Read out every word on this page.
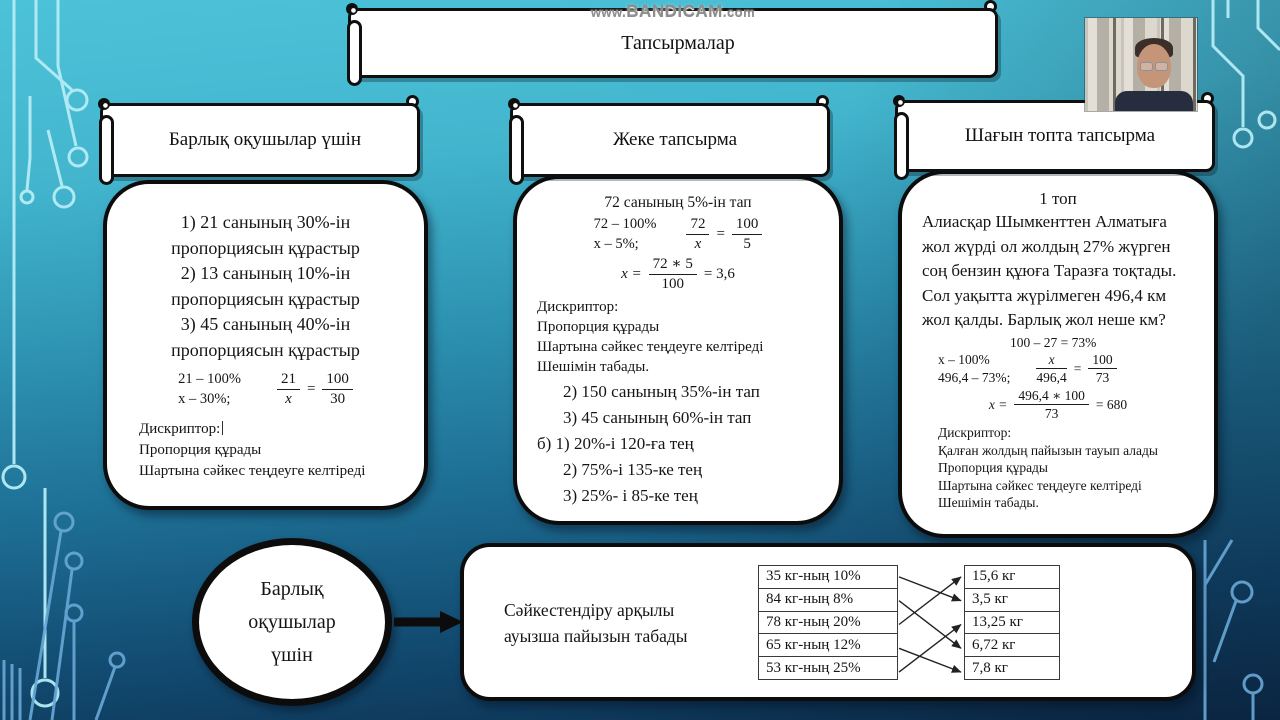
www.BANDICAM.com
Тапсырмалар
Барлық оқушылар үшін	Жеке тапсырма	Шағын топта тапсырма
1) 21 санының 30%-ін
пропорциясын құрастыр
2) 13 санының 10%-ін
пропорциясын құрастыр
3) 45 санының 40%-ін
пропорциясын құрастыр
21 – 100%
x – 30%;	$\frac{21}{x} = \frac{100}{30}$
Дискриптор:
Пропорция құрады
Шартына сәйкес теңдеуге келтіреді
72 санының 5%-ін тап
72 – 100%
x – 5%;	$\frac{72}{x} = \frac{100}{5}$
$x = \frac{72 ∗ 5}{100} = 3,6$
Дискриптор:
Пропорция құрады
Шартына сәйкес теңдеуге келтіреді
Шешімін табады.
2) 150 санының 35%-ін тап
3) 45 санының 60%-ін тап
б) 1) 20%-і 120-ға тең
2) 75%-і 135-ке тең
3) 25%- і 85-ке тең
1 топ
Алиасқар Шымкенттен Алматыға жол жүрді ол жолдың 27% жүрген соң бензин құюға Таразға тоқтады. Сол уақытта жүрілмеген 496,4 км жол қалды. Барлық жол неше км?
100 – 27 = 73%
x – 100%
496,4 – 73%; $\frac{x}{496,4} = \frac{100}{73}$
$x = \frac{496,4 ∗ 100}{73} = 680$
Дискриптор:
Қалған жолдың пайызын тауып алады
Пропорция құрады
Шартына сәйкес теңдеуге келтіреді
Шешімін табады.
Барлық
оқушылар
үшін
Сәйкестендіру арқылы
ауызша пайызын табады
35 кг-ның 10%
84 кг-ның 8%
78 кг-ның 20%
65 кг-ның 12%
53 кг-ның 25%
15,6 кг
3,5 кг
13,25 кг
6,72 кг
7,8 кг
